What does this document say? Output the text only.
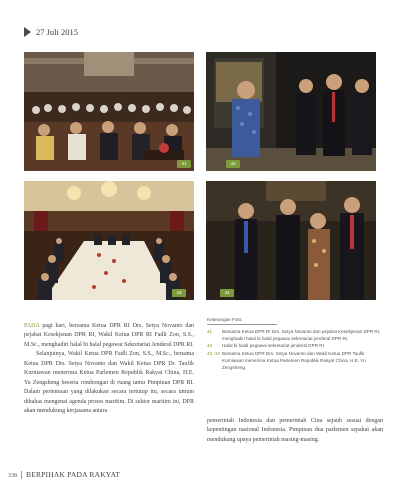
27 Juli 2015
41	42
43	44

PADA pagi hari, bersama Ketua DPR RI Drs. Setya Novanto dan pejabat Kesekjenan DPR RI, Wakil Ketua DPR RI Fadli Zon, S.S., M.Sc., menghadiri halal bi halal pegawai Sekretariat Jenderal DPR RI.

Selanjutnya, Wakil Ketua DPR Fadli Zon, S.S., M.Sc., bersama Ketua DPR Drs. Setya Novanto dan Wakil Ketua DPR Dr. Taufik Kurniawan menerima Ketua Parlemen Republik Rakyat China, H.E. Yu Zengsheng beserta rombongan di ruang tamu Pimpinan DPR RI. Dalam pertemuan yang dilakukan secara tertutup itu, secara umum dibahas mengenai agenda proses maritim. Di sektor maritim ini, DPR akan mendukung kerjasama antara

pemerintah Indonesia dan pemerintah Cina sejauh sesuai dengan kepentingan nasional Indonesia. Pimpinan dua parlemen sepakat akan mendukung upaya pemerintah masing-masing.

Keterangan Foto:
41	Bersama Ketua DPR RI Drs. Setya Novanto dan pejabat Kesekjenan DPR RI, menghadiri halal bi halal pegawai sekretariat jenderal DPR RI.
42	Halal bi halal pegawai sekretariat jenderal DPR RI.
43, 44 Bersama Ketua DPR Drs. Setya Novanto dan Wakil Ketua DPR Taufik Kurniawan menerima Ketua Parlemen Republik Rakyat China, H.E. Yu Zengsheng.
338 BERPIHAK PADA RAKYAT
